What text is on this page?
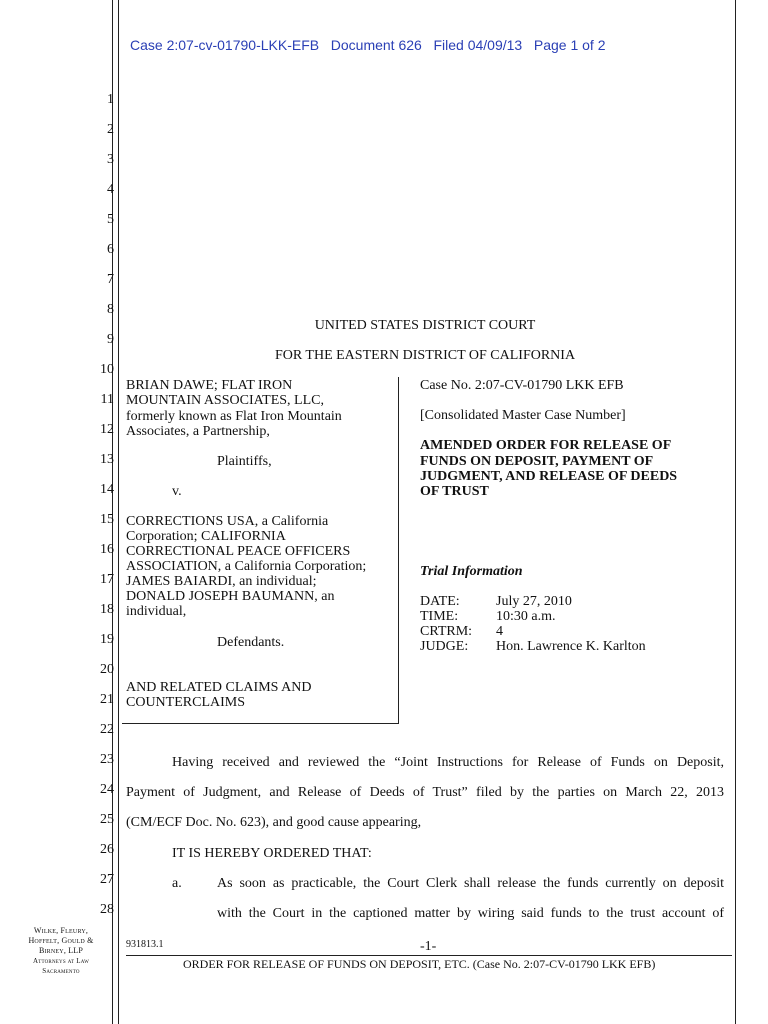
Case 2:07-cv-01790-LKK-EFB   Document 626   Filed 04/09/13   Page 1 of 2
1
2
3
4
5
6
7
8
9
10
11
12
13
14
15
16
17
18
19
20
21
22
23
24
25
26
27
28
UNITED STATES DISTRICT COURT
FOR THE EASTERN DISTRICT OF CALIFORNIA
BRIAN DAWE; FLAT IRON
MOUNTAIN ASSOCIATES, LLC,
formerly known as Flat Iron Mountain
Associates, a Partnership,
Plaintiffs,
v.
CORRECTIONS USA, a California
Corporation; CALIFORNIA
CORRECTIONAL PEACE OFFICERS
ASSOCIATION, a California Corporation;
JAMES BAIARDI, an individual;
DONALD JOSEPH BAUMANN, an
individual,
Defendants.
AND RELATED CLAIMS AND
COUNTERCLAIMS
Case No. 2:07-CV-01790 LKK EFB
[Consolidated Master Case Number]
AMENDED ORDER FOR RELEASE OF
FUNDS ON DEPOSIT, PAYMENT OF
JUDGMENT, AND RELEASE OF DEEDS
OF TRUST
Trial Information
DATE:	July 27, 2010
TIME:	10:30 a.m.
CRTRM: 4
JUDGE: Hon. Lawrence K. Karlton
Having received and reviewed the “Joint Instructions for Release of Funds on Deposit,
Payment of Judgment, and Release of Deeds of Trust” filed by the parties on March 22, 2013
(CM/ECF Doc. No. 623), and good cause appearing,
IT IS HEREBY ORDERED THAT:
a.	As soon as practicable, the Court Clerk shall release the funds currently on deposit
with the Court in the captioned matter by wiring said funds to the trust account of
Wilke, Fleury,
Hoffelt, Gould &
Birney, LLP
Attorneys at Law
Sacramento
931813.1	-1-
ORDER FOR RELEASE OF FUNDS ON DEPOSIT, ETC. (Case No. 2:07-CV-01790 LKK EFB)
